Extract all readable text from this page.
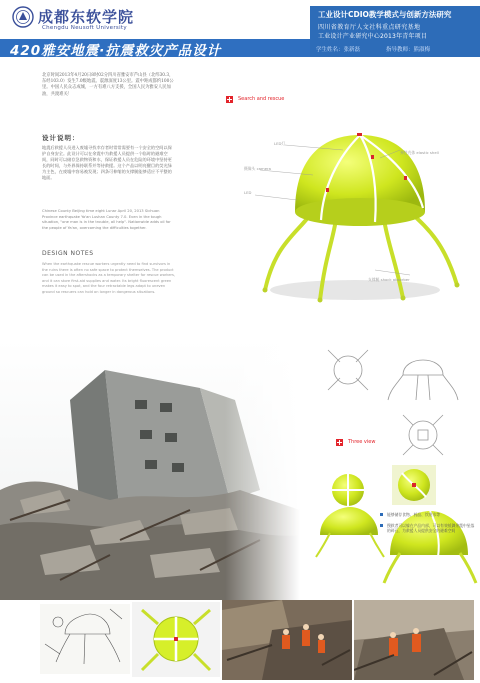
成都东软学院
Chengdu Neusoft University
420雅安地震·抗震救灾产品设计
工业设计CDIO教学模式与创新方法研究
四川省教育厅人文社科重点研究基地
工业设计产业研究中心2013年青年项目
学生姓名：张新磊	指导教师：熊淑梅
北京时间2013年4月20日8时02分四川省雅安市芦山县（北纬30.3，东经103.0）发生7.0级地震。震源深度13公里。震中距成都约100公里。中国人民众志成城，一方有难八方支援，全国人民为雅安人民加油，共渡难关！
设计说明：
地震后救援人员进入废墟寻找幸存者时常常需要有一个安全的空间以保护自身安全。此设计可以在余震中为救援人员提供一个临时的避难空间，同时可以储存急救物资和水，保证救援人员在危险的环境中坚持更长的时间，与外界保持联系并等待救援。这个产品以明亮醒目的荧光绿为主色，在废墟中容易被发现；四条可伸缩的支撑腿能够适应不平整的地面。
Chinese County Beijing time eight Lunar April 20, 2013 Sichuan Province earthquake Ya'an Lushan County 7.0. Even in the tough situation, "one man is in the trouble, all help". Nationwide adds oil for the people of Ya'an, overcoming the difficulties together.
DESIGN NOTES
When the earthquake rescue workers urgently need to find survivors in the ruins there is often no safe space to protect themselves. The product can be used in the aftershocks as a temporary shelter for rescue workers, and it can store first-aid supplies and water. Its bright fluorescent green makes it easy to spot, and the four retractable legs adapt to uneven ground so rescuers can hold on longer in dangerous situations.
Search and rescue
LED灯
摄像头 camera
弹性壳体 elastic shell
LED
支撑腿 shock absorber
Three view
能够储存食物、药品、饮用水等
搜救者可以躲在产品内部，可以有效抵御余震中坠落的碎石，为救援人员提供安全的避难空间
